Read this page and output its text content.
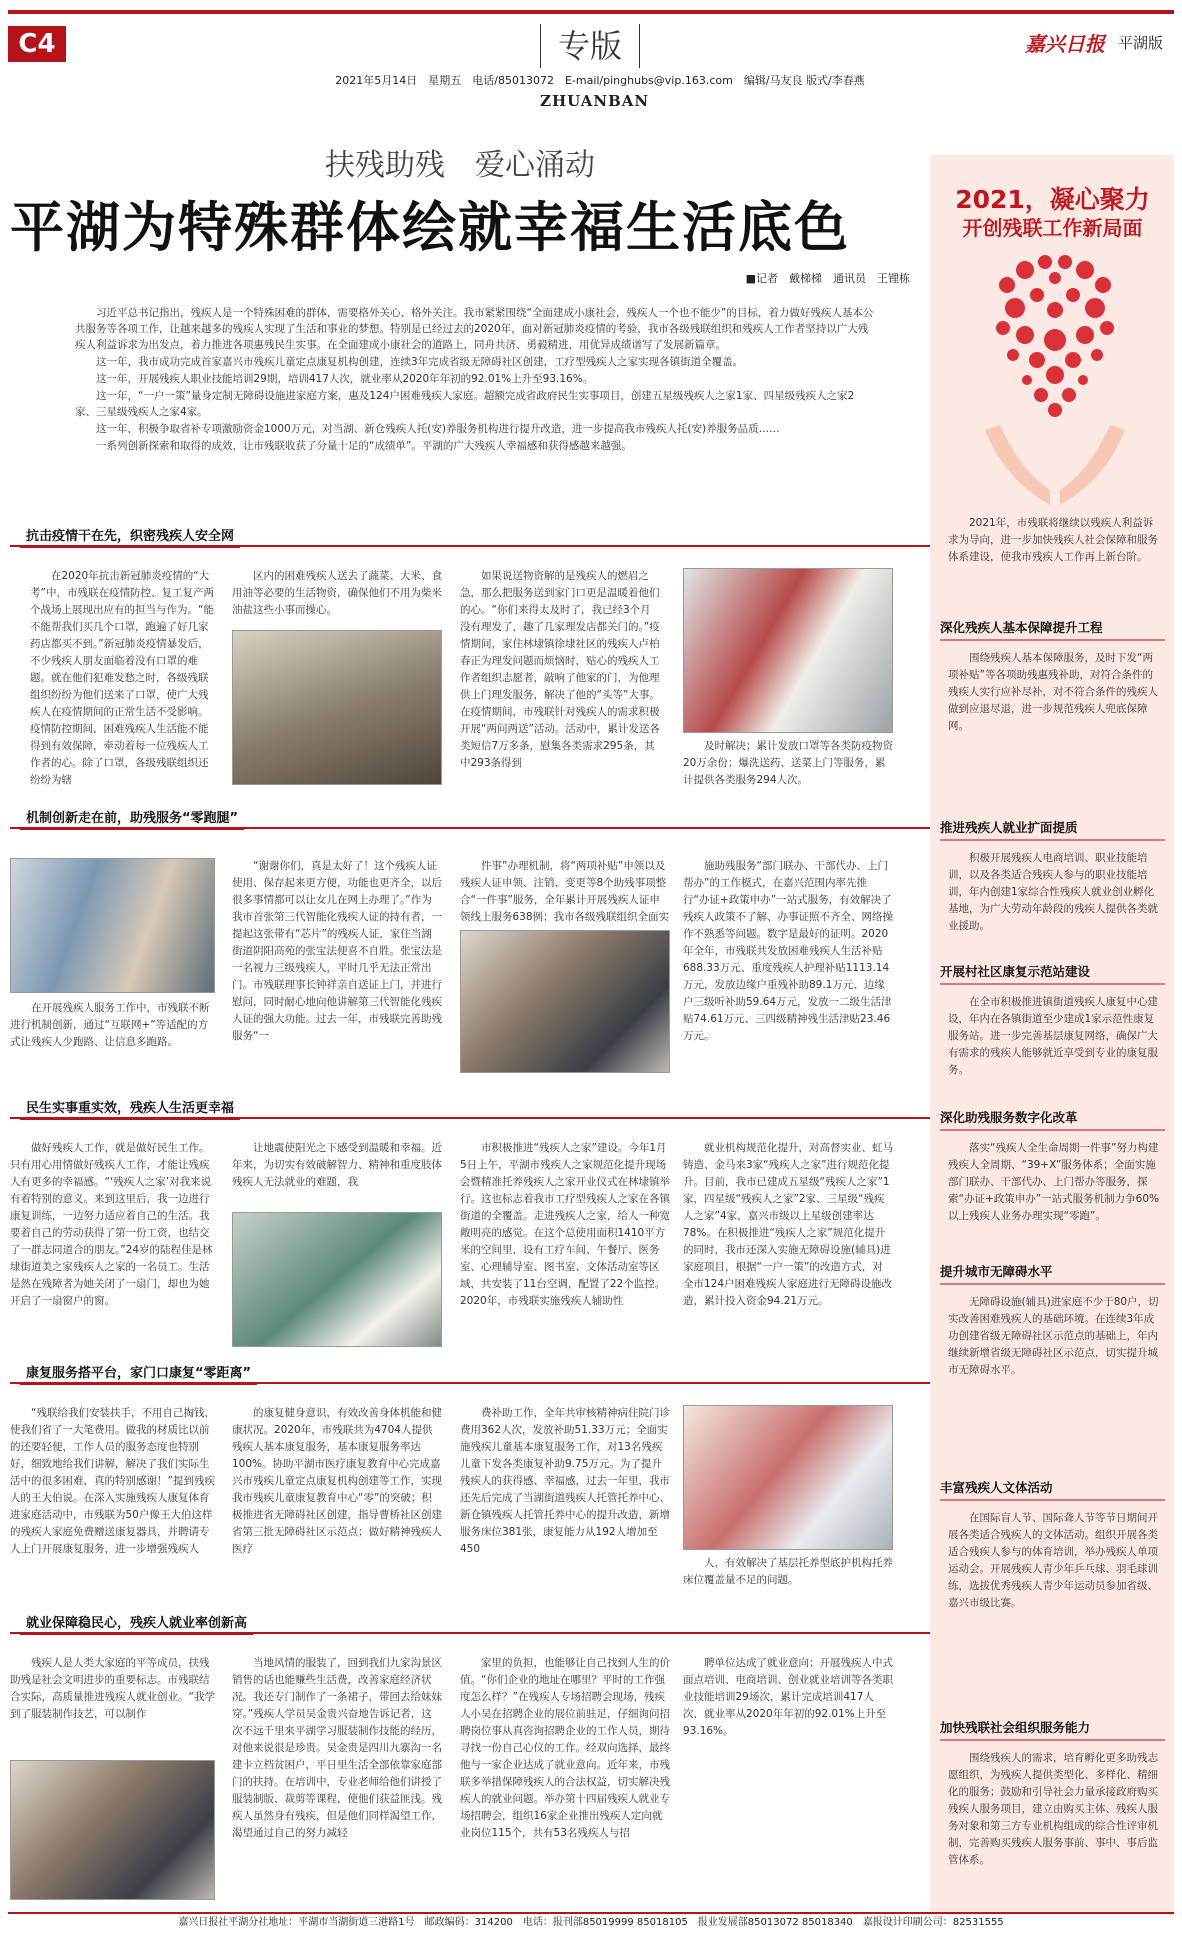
C4	专版	嘉兴日报 平湖版
2021年5月14日　星期五　电话/85013072　E-mail/pinghubs@vip.163.com　编辑/马友良 版式/李春燕
ZHUANBAN
扶残助残　爱心涌动
平湖为特殊群体绘就幸福生活底色
■记者　戴梯梯　通讯员　王锂栋

习近平总书记指出，残疾人是一个特殊困难的群体，需要格外关心、格外关注。我市紧紧围绕“全面建成小康社会，残疾人一个也不能少”的目标，着力做好残疾人基本公共服务等各项工作，让越来越多的残疾人实现了生活和事业的梦想。特别是已经过去的2020年，面对新冠肺炎疫情的考验，我市各级残联组织和残疾人工作者坚持以广大残疾人利益诉求为出发点，着力推进各项惠残民生实事。在全面建成小康社会的道路上，同舟共济、勇毅精进，用优异成绩谱写了发展新篇章。

这一年，我市成功完成首家嘉兴市残疾儿童定点康复机构创建，连续3年完成省级无障碍社区创建，工疗型残疾人之家实现各镇街道全覆盖。

这一年，开展残疾人职业技能培训29期，培训417人次，就业率从2020年年初的92.01%上升至93.16%。

这一年，“一户一策”量身定制无障碍设施进家庭方案，惠及124户困难残疾人家庭。超额完成省政府民生实事项目，创建五星级残疾人之家1家、四星级残疾人之家2家、三星级残疾人之家4家。

这一年，积极争取省补专项激励资金1000万元，对当湖、新仓残疾人托(安)养服务机构进行提升改造，进一步提高我市残疾人托(安)养服务品质……

一系列创新探索和取得的成效，让市残联收获了分量十足的“成绩单”。平湖的广大残疾人幸福感和获得感越来越强。

抗击疫情干在先，织密残疾人安全网
在2020年抗击新冠肺炎疫情的“大考”中，市残联在疫情防控、复工复产两个战场上展现出应有的担当与作为。“能不能帮我们买几个口罩，跑遍了好几家药店都买不到。”新冠肺炎疫情暴发后，不少残疾人朋友面临着没有口罩的难题。就在他们犯难发愁之时，各级残联组织纷纷为他们送来了口罩，使广大残疾人在疫情期间的正常生活不受影响。疫情防控期间，困难残疾人生活能不能得到有效保障，牵动着每一位残疾人工作者的心。除了口罩，各级残联组织还纷纷为辖
区内的困难残疾人送去了蔬菜、大米、食用油等必要的生活物资，确保他们不用为柴米油盐这些小事而操心。
如果说送物资解的是残疾人的燃眉之急，那么把服务送到家门口更是温暖着他们的心。“你们来得太及时了，我已经3个月没有理发了，趣了几家理发店都关门的。”疫情期间，家住林埭镇徐埭社区的残疾人卢柏春正为理发问题而烦恼时，贴心的残疾人工作者组织志愿者，敲响了他家的门，为他理供上门理发服务，解决了他的“头等”大事。在疫情期间，市残联针对残疾人的需求积极开展“两问两送”活动。活动中，累计发送各类短信7万多条，慰集各类需求295条，其中293条得到
及时解决；累计发放口罩等各类防疫物资20万余份；爆洗送药、送菜上门等服务，累计提供各类服务294人次。
机制创新走在前，助残服务“零跑腿”
在开展残疾人服务工作中，市残联不断进行机制创新，通过“互联网+”等适配的方式让残疾人少跑路、让信息多跑路。
“谢谢你们，真是太好了！这个残疾人证使用、保存起来更方便，功能也更齐全，以后很多事情都可以让女儿在网上办理了。”作为我市首张第三代智能化残疾人证的持有者，一提起这张带有“芯片”的残疾人证，家住当湖街道阴阳高苑的张宝法便喜不自胜。张宝法是一名视力三级残疾人，平时几乎无法正常出门。市残联理事长钟祥亲自送证上门，并进行慰问，同时耐心地向他讲解第三代智能化残疾人证的强大功能。过去一年，市残联完善助残服务“一
件事”办理机制，将“两项补贴”申领以及残疾人证申领、注销、变更等8个助残事项整合“一件事”服务，全年累计开展残疾人证申领线上服务638例；我市各级残联组织全面实
施助残服务“部门联办、干部代办、上门帮办”的工作模式，在嘉兴范围内率先推行“办证+政策申办”一站式服务，有效解决了残疾人政策不了解、办事证照不齐全、网络操作不熟悉等问题。数字是最好的证明。2020年全年，市残联共发放困难残疾人生活补贴688.33万元、重度残疾人护理补贴1113.14万元，发放边缘户重残补助89.1万元、边缘户三级听补助59.64万元，发放一二级生活津贴74.61万元、三四级精神残生活津贴23.46万元。
民生实事重实效，残疾人生活更幸福
做好残疾人工作，就是做好民生工作。只有用心用情做好残疾人工作，才能让残疾人有更多的幸福感。“‘残疾人之家’对我来说有着特别的意义。来到这里后，我一边进行康复训练，一边努力适应着自己的生活。我要着自己的劳动获得了第一份工资，也结交了一群志同道合的朋友。”24岁的陆程佳是林埭街道美之家残疾人之家的一名员工。生活是然在残障者为她关闭了一扇门，却也为她开启了一扇窗户的窗。
让地震使阳光之下感受到温暖和幸福。近年来，为切实有效破解智力、精神和重度肢体残疾人无法就业的难题，我
市积极推进“残疾人之家”建设。今年1月5日上午，平湖市残疾人之家规范化提升现场会暨精准托养残疾人之家开业仪式在林埭镇举行。这也标志着我市工疗型残疾人之家在各镇街道的全覆盖。走进残疾人之家，给人一种宽敞明亮的感觉。在这个总使用面积1410平方米的空间里，设有工疗车间、午餐厅、医务室、心理辅导室、图书室、文体活动室等区域，共安装了11台空调，配置了22个监控。2020年，市残联实施残疾人辅助性
就业机构规范化提升，对高督实业、虹马铸造、金马来3家“残疾人之家”进行规范化提升。目前，我市已建成五星级“残疾人之家”1家，四星级“残疾人之家”2家、三星级“残疾人之家”4家，嘉兴市级以上星级创建率达78%。在积极推进“残疾人之家”规范化提升的同时，我市还深入实施无障碍设施(辅具)进家庭项目，根据“一户一策”的改造方式，对全市124户困难残疾人家庭进行无障碍设施改造，累计投入资金94.21万元。
康复服务搭平台，家门口康复“零距离”
“残联给我们安装扶手，不用自己掏钱，使我们省了一大笔费用。做我的材质比以前的还要轻便，工作人员的服务态度也特别好，细致地给我们讲解，解决了我们实际生活中的很多困难，真的特别感谢！”提到残疾人的王大伯说。在深入实施残疾人康复体育进家庭活动中，市残联为50户像王大伯这样的残疾人家庭免费赠送康复器具，并聘请专人上门开展康复服务，进一步增强残疾人
的康复健身意识，有效改善身体机能和健康状况。2020年，市残联共为4704人提供残疾人基本康复服务，基本康复服务率达100%。协助平湖市医疗康复教育中心完成嘉兴市残疾儿童定点康复机构创建等工作，实现我市残疾儿童康复教育中心“零”的突破；积极推进省无障碍社区创建，指导曹桥社区创建省第三批无障碍社区示范点；做好精神残疾人医疗
费补助工作，全年共审核精神病住院门诊费用362人次，发放补助51.33万元；全面实施残疾儿童基本康复服务工作，对13名残疾儿童下发各类康复补助9.75万元。为了提升残疾人的获得感、幸福感，过去一年里，我市还先后完成了当湖街道残疾人托管托养中心、新仓镇残疾人托管托养中心的提升改造，新增服务床位381张，康复能力从192人增加至450
人，有效解决了基层托养型底护机构托养床位覆盖量不足的问题。
就业保障稳民心，残疾人就业率创新高
残疾人是人类大家庭的平等成员，扶残助残是社会文明进步的重要标志。市残联结合实际，高质量推进残疾人就业创业。“我学到了服装制作技艺，可以制作
当地风情的服装了，回到我们九家沟景区销售的话也能赚些生活费，改善家庭经济状况。我还专门制作了一条裙子，带回去给妹妹穿。”残疾人学员吴金贵兴奋地告诉记者，这次不远千里来平湖学习服装制作技能的经历，对他来说很是珍贵。吴金贵是四川九寨沟一名建卡立档贫困户，平日里生活全部依靠家庭部门的扶持。在培训中，专业老师给他们讲授了服装制版、裁剪等课程，使他们获益匪浅。残疾人虽然身有残疾，但是他们同样渴望工作，渴望通过自己的努力减轻
家里的负担，也能够让自己找到人生的价值。“你们企业的地址在哪里？平时的工作强度怎么样？”在残疾人专场招聘会现场，残疾人小吴在招聘企业的展位前驻足，仔细询问招聘岗位事从真咨询招聘企业的工作人员，期待寻找一份自己心仪的工作。经双向选择，最终他与一家企业达成了就业意向。近年来，市残联多举措保障残疾人的合法权益，切实解决残疾人的就业问题。举办第十四届残疾人就业专场招聘会，组织16家企业推出残疾人定向就业岗位115个，共有53名残疾人与招
聘单位达成了就业意向；开展残疾人中式面点培训、电商培训、创业就业培训等各类职业技能培训29场次，累计完成培训417人次，就业率从2020年年初的92.01%上升至93.16%。
2021，凝心聚力
开创残联工作新局面
2021年，市残联将继续以残疾人利益诉求为导向，进一步加快残疾人社会保障和服务体系建设，使我市残疾人工作再上新台阶。
深化残疾人基本保障提升工程
围绕残疾人基本保障服务，及时下发“两项补贴”等各项助残惠残补助，对符合条件的残疾人实行应补尽补，对不符合条件的残疾人做到应退尽退，进一步规范残疾人兜底保障网。
推进残疾人就业扩面提质
积极开展残疾人电商培训、职业技能培训，以及各类适合残疾人参与的职业技能培训，年内创建1家综合性残疾人就业创业孵化基地，为广大劳动年龄段的残疾人提供各类就业援助。
开展村社区康复示范站建设
在全市积极推进镇街道残疾人康复中心建设，年内在各镇街道至少建成1家示范性康复服务站。进一步完善基层康复网络，确保广大有需求的残疾人能够就近享受到专业的康复服务。
深化助残服务数字化改革
落实“残疾人全生命周期一件事”努力构建残疾人全周期、“39+X”服务体系；全面实施部门联办、干部代办、上门帮办等服务，探索“办证+政策申办”一站式服务机制力争60%以上残疾人业务办理实现“零跑”。
提升城市无障碍水平
无障碍设施(辅具)进家庭不少于80户，切实改善困难残疾人的基础环境。在连续3年成功创建省级无障碍社区示范点的基础上，年内继续新增省级无障碍社区示范点，切实提升城市无障碍水平。
丰富残疾人文体活动
在国际盲人节、国际聋人节等节日期间开展各类适合残疾人的文体活动。组织开展各类适合残疾人参与的体育培训，举办残疾人单项运动会。开展残疾人青少年乒乓球、羽毛球训练，选拔优秀残疾人青少年运动员参加省级、嘉兴市级比赛。
加快残联社会组织服务能力
围绕残疾人的需求，培育孵化更多助残志愿组织，为残疾人提供类型化、多样化、精细化的服务；鼓励和引导社会力量承接政府购买残疾人服务项目，建立由购买主体、残疾人服务对象和第三方专业机构组成的综合性评审机制，完善购买残疾人服务事前、事中、事后监管体系。
嘉兴日报社平湖分社地址：平湖市当湖街道三港路1号　邮政编码：314200　电话：报刊部85019999 85018105　报业发展部85013072 85018340　嘉报设计印刷公司：82531555
